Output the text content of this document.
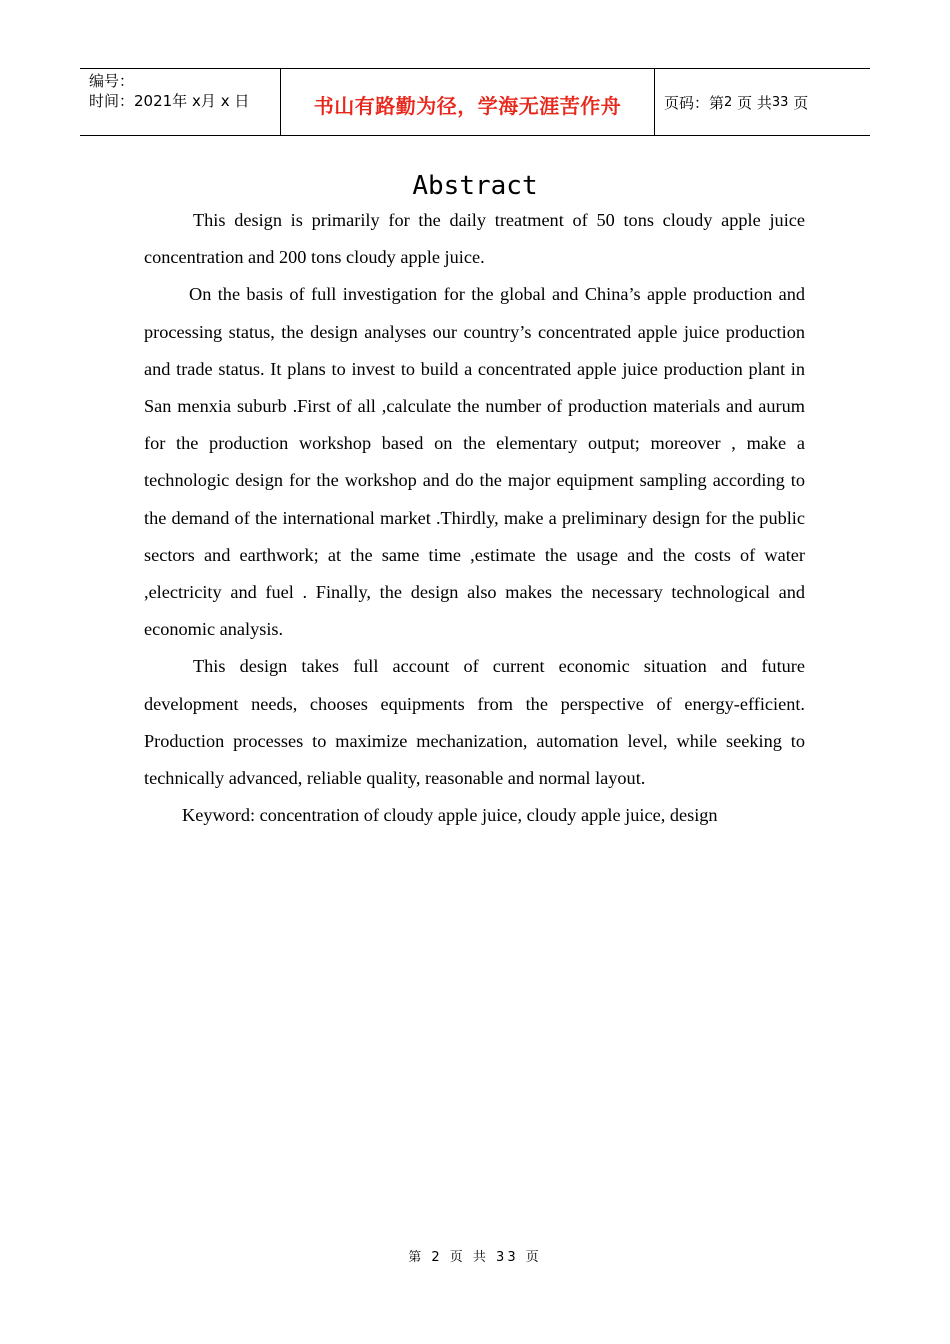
编号：
时间：2021年 x月 x 日	书山有路勤为径，学海无涯苦作舟	页码：第 2
页 共 33
页
Abstract

This design is primarily for the daily treatment of 50 tons cloudy apple juice concentration and 200 tons cloudy apple juice.

On the basis of full investigation for the global and China’s apple production and processing status, the design analyses our country’s concentrated apple juice production and trade status. It plans to invest to build a concentrated apple juice production plant in San menxia suburb .First of all ,calculate the number of production materials and aurum for the production workshop based on the elementary output; moreover , make a technologic design for the workshop and do the major equipment sampling according to the demand of the international market .Thirdly, make a preliminary design for the public sectors and earthwork; at the same time ,estimate the usage and the costs of water ,electricity and fuel . Finally, the design also makes the necessary technological and economic analysis.

This design takes full account of current economic situation and future development needs, chooses equipments from the perspective of energy-efficient. Production processes to maximize mechanization, automation level, while seeking to technically advanced, reliable quality, reasonable and normal layout.

Keyword: concentration of cloudy apple juice, cloudy apple juice, design

第 2 页 共 33 页
